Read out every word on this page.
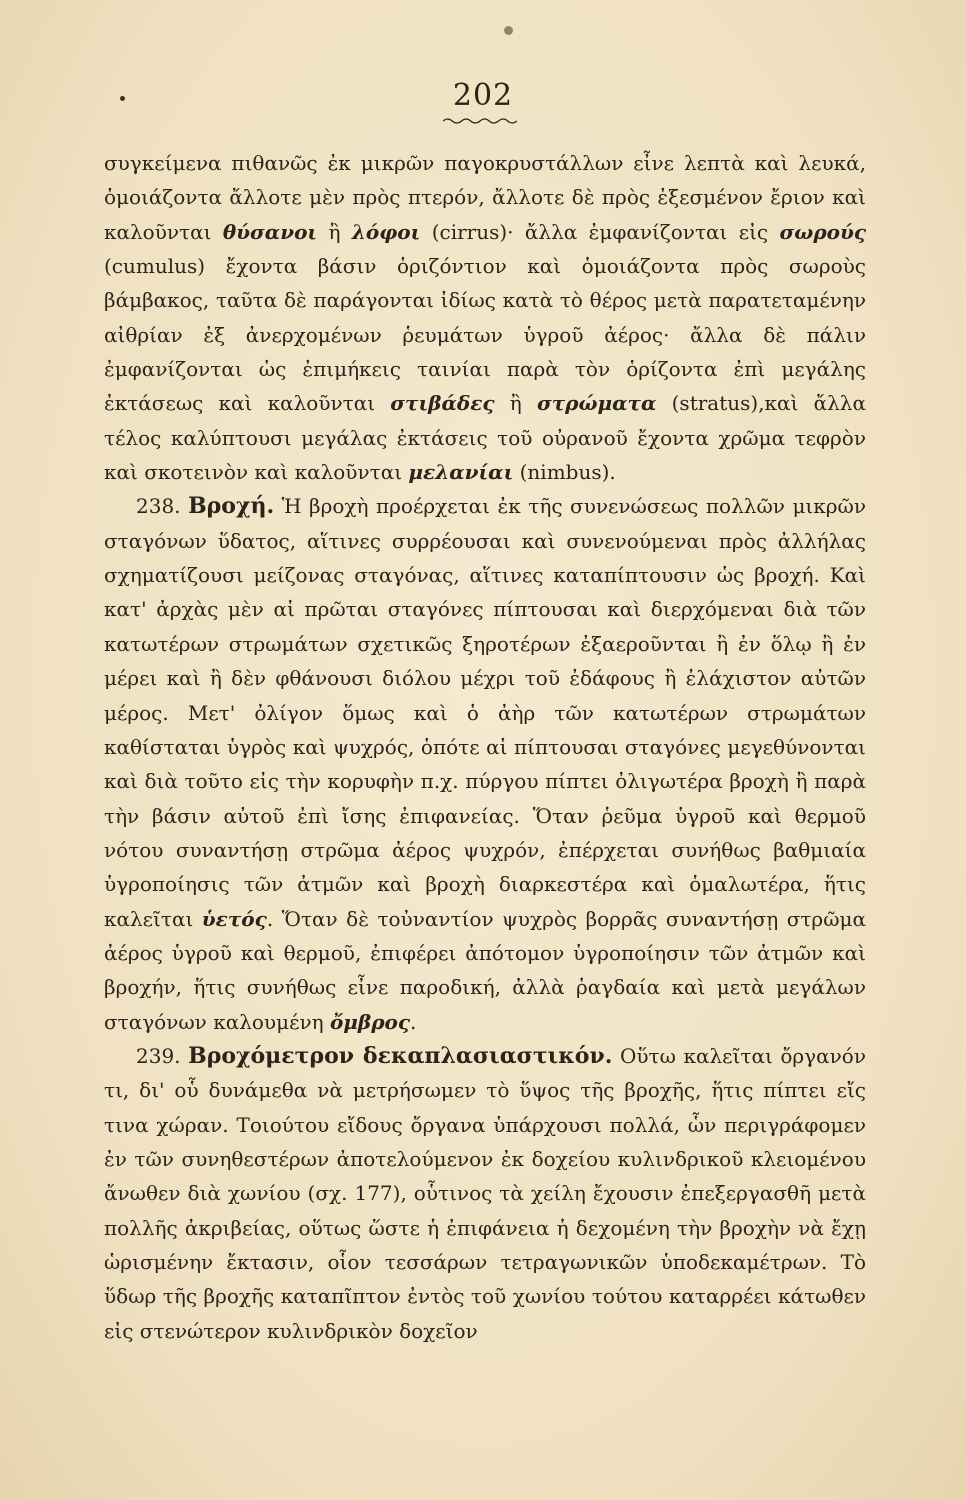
202

συγκείμενα πιθανῶς ἐκ μικρῶν παγοκρυστάλλων εἶνε λεπτὰ καὶ λευκά, ὁμοιάζοντα ἄλλοτε μὲν πρὸς πτερόν, ἄλλοτε δὲ πρὸς ἐξεσμένον ἔριον καὶ καλοῦνται θύσανοι ἢ λόφοι (cirrus)· ἄλλα ἐμφανίζονται εἰς σωρούς (cumulus) ἔχοντα βάσιν ὁριζόντιον καὶ ὁμοιάζοντα πρὸς σωροὺς βάμβακος, ταῦτα δὲ παράγονται ἰδίως κατὰ τὸ θέρος μετὰ παρατεταμένην αἰθρίαν ἐξ ἀνερχομένων ῥευμάτων ὑγροῦ ἀέρος· ἄλλα δὲ πάλιν ἐμφανίζονται ὡς ἐπιμήκεις ταινίαι παρὰ τὸν ὁρίζοντα ἐπὶ μεγάλης ἐκτάσεως καὶ καλοῦνται στιβάδες ἢ στρώματα (stratus),καὶ ἄλλα τέλος καλύπτουσι μεγάλας ἐκτάσεις τοῦ οὐρανοῦ ἔχοντα χρῶμα τεφρὸν καὶ σκοτεινὸν καὶ καλοῦνται μελανίαι (nimbus).

238. Βροχή. Ἡ βροχὴ προέρχεται ἐκ τῆς συνενώσεως πολλῶν μικρῶν σταγόνων ὕδατος, αἵτινες συρρέουσαι καὶ συνενούμεναι πρὸς ἀλλήλας σχηματίζουσι μείζονας σταγόνας, αἵτινες καταπίπτουσιν ὡς βροχή. Καὶ κατ' ἀρχὰς μὲν αἱ πρῶται σταγόνες πίπτουσαι καὶ διερχόμεναι διὰ τῶν κατωτέρων στρωμάτων σχετικῶς ξηροτέρων ἐξαεροῦνται ἢ ἐν ὅλῳ ἢ ἐν μέρει καὶ ἢ δὲν φθάνουσι διόλου μέχρι τοῦ ἐδάφους ἢ ἐλάχιστον αὐτῶν μέρος. Μετ' ὀλίγον ὅμως καὶ ὁ ἀὴρ τῶν κατωτέρων στρωμάτων καθίσταται ὑγρὸς καὶ ψυχρός, ὁπότε αἱ πίπτουσαι σταγόνες μεγεθύνονται καὶ διὰ τοῦτο εἰς τὴν κορυφὴν π.χ. πύργου πίπτει ὀλιγωτέρα βροχὴ ἢ παρὰ τὴν βάσιν αὐτοῦ ἐπὶ ἴσης ἐπιφανείας. Ὅταν ῥεῦμα ὑγροῦ καὶ θερμοῦ νότου συναντήσῃ στρῶμα ἀέρος ψυχρόν, ἐπέρχεται συνήθως βαθμιαία ὑγροποίησις τῶν ἀτμῶν καὶ βροχὴ διαρκεστέρα καὶ ὁμαλωτέρα, ἥτις καλεῖται ὑετός. Ὅταν δὲ τοὐναντίον ψυχρὸς βορρᾶς συναντήσῃ στρῶμα ἀέρος ὑγροῦ καὶ θερμοῦ, ἐπιφέρει ἀπότομον ὑγροποίησιν τῶν ἀτμῶν καὶ βροχήν, ἥτις συνήθως εἶνε παροδική, ἀλλὰ ῥαγδαία καὶ μετὰ μεγάλων σταγόνων καλουμένη ὄμβρος.

239. Βροχόμετρον δεκαπλασιαστικόν. Οὕτω καλεῖται ὄργανόν τι, δι' οὗ δυνάμεθα νὰ μετρήσωμεν τὸ ὕψος τῆς βροχῆς, ἥτις πίπτει εἴς τινα χώραν. Τοιούτου εἴδους ὄργανα ὑπάρχουσι πολλά, ὧν περιγράφομεν ἐν τῶν συνηθεστέρων ἀποτελούμενον ἐκ δοχείου κυλινδρικοῦ κλειομένου ἄνωθεν διὰ χωνίου (σχ. 177), οὗτινος τὰ χείλη ἔχουσιν ἐπεξεργασθῆ μετὰ πολλῆς ἀκριβείας, οὕτως ὥστε ἡ ἐπιφάνεια ἡ δεχομένη τὴν βροχὴν νὰ ἔχῃ ὡρισμένην ἔκτασιν, οἷον τεσσάρων τετραγωνικῶν ὑποδεκαμέτρων. Τὸ ὕδωρ τῆς βροχῆς καταπῖπτον ἐντὸς τοῦ χωνίου τούτου καταρρέει κάτωθεν εἰς στενώτερον κυλινδρικὸν δοχεῖον
